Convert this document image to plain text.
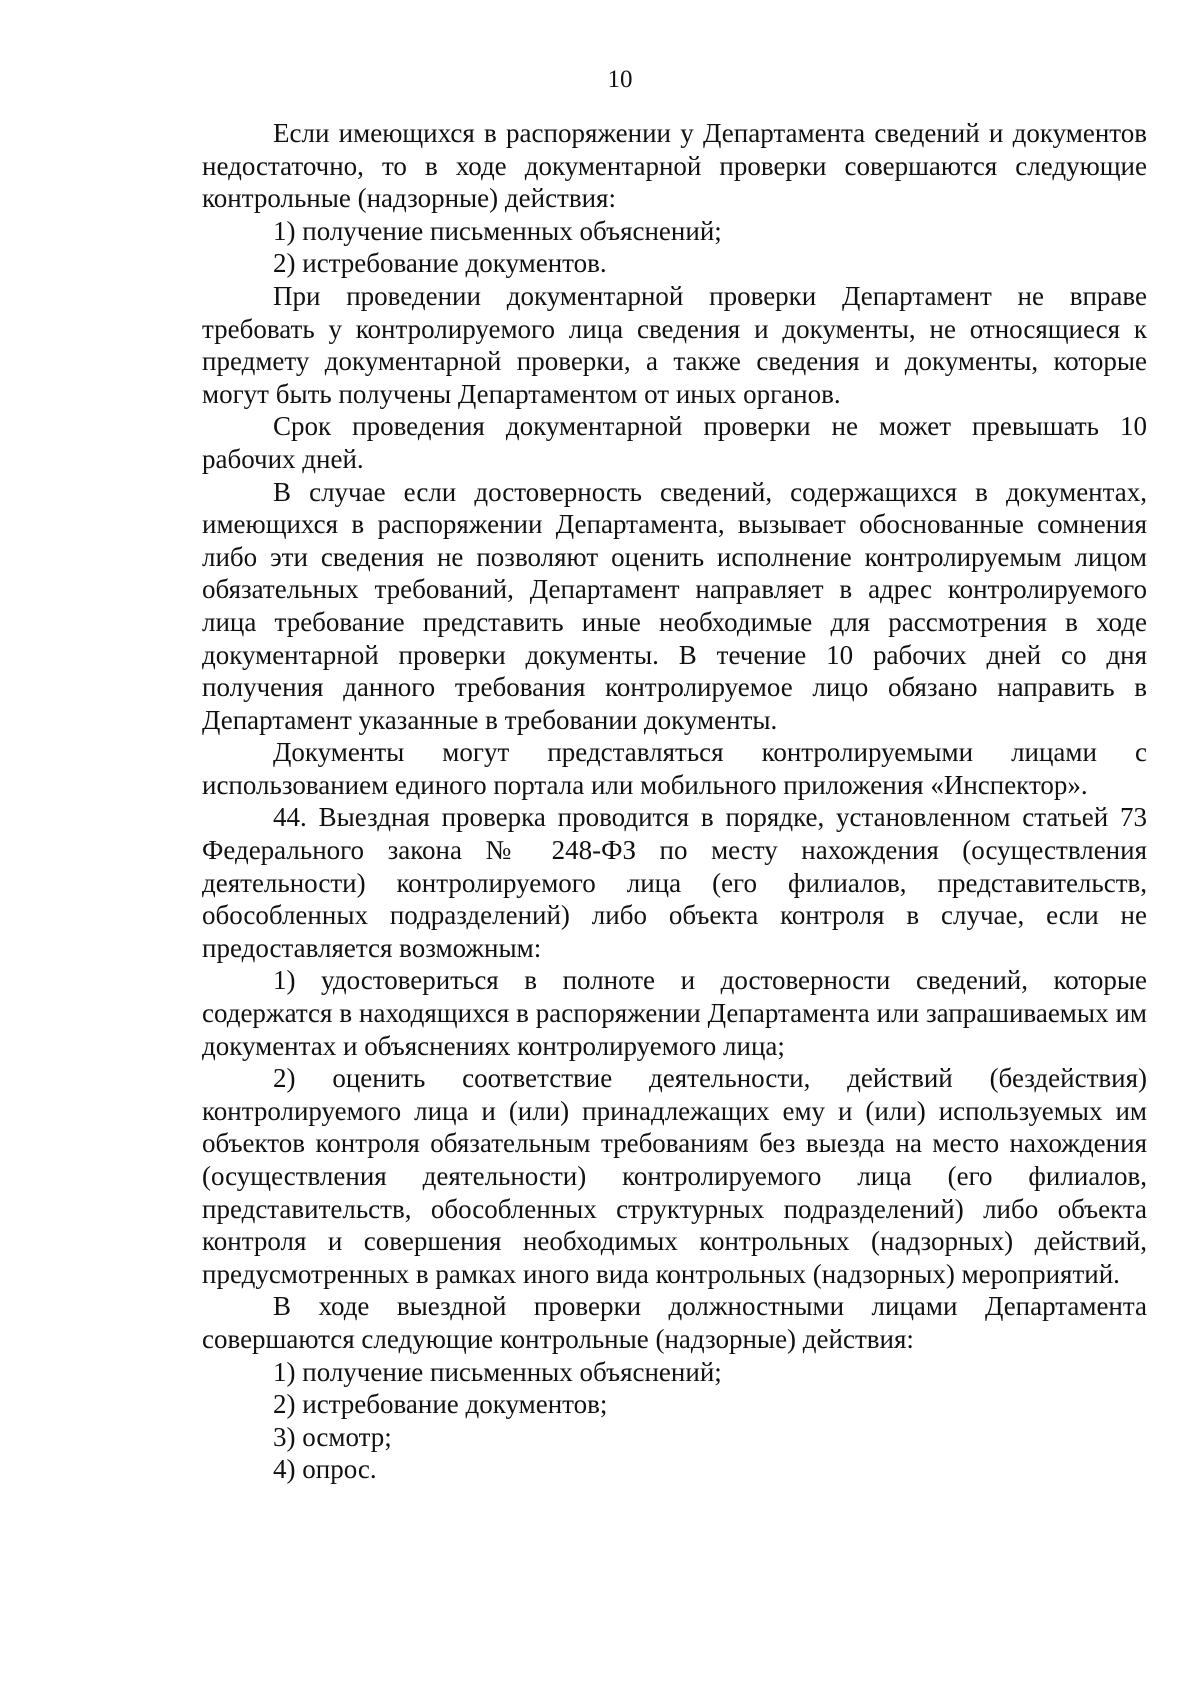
10

Если имеющихся в распоряжении у Департамента сведений и документов недостаточно, то в ходе документарной проверки совершаются следующие контрольные (надзорные) действия:

1) получение письменных объяснений;

2) истребование документов.

При проведении документарной проверки Департамент не вправе требовать у контролируемого лица сведения и документы, не относящиеся к предмету документарной проверки, а также сведения и документы, которые могут быть получены Департаментом от иных органов.

Срок проведения документарной проверки не может превышать 10 рабочих дней.

В случае если достоверность сведений, содержащихся в документах, имеющихся в распоряжении Департамента, вызывает обоснованные сомнения либо эти сведения не позволяют оценить исполнение контролируемым лицом обязательных требований, Департамент направляет в адрес контролируемого лица требование представить иные необходимые для рассмотрения в ходе документарной проверки документы. В течение 10 рабочих дней со дня получения данного требования контролируемое лицо обязано направить в Департамент указанные в требовании документы.

Документы могут представляться контролируемыми лицами с использованием единого портала или мобильного приложения «Инспектор».

44. Выездная проверка проводится в порядке, установленном статьей 73 Федерального закона № 248-ФЗ по месту нахождения (осуществления деятельности) контролируемого лица (его филиалов, представительств, обособленных подразделений) либо объекта контроля в случае, если не предоставляется возможным:

1) удостовериться в полноте и достоверности сведений, которые содержатся в находящихся в распоряжении Департамента или запрашиваемых им документах и объяснениях контролируемого лица;

2) оценить соответствие деятельности, действий (бездействия) контролируемого лица и (или) принадлежащих ему и (или) используемых им объектов контроля обязательным требованиям без выезда на место нахождения (осуществления деятельности) контролируемого лица (его филиалов, представительств, обособленных структурных подразделений) либо объекта контроля и совершения необходимых контрольных (надзорных) действий, предусмотренных в рамках иного вида контрольных (надзорных) мероприятий.

В ходе выездной проверки должностными лицами Департамента совершаются следующие контрольные (надзорные) действия:

1) получение письменных объяснений;

2) истребование документов;

3) осмотр;

4) опрос.
